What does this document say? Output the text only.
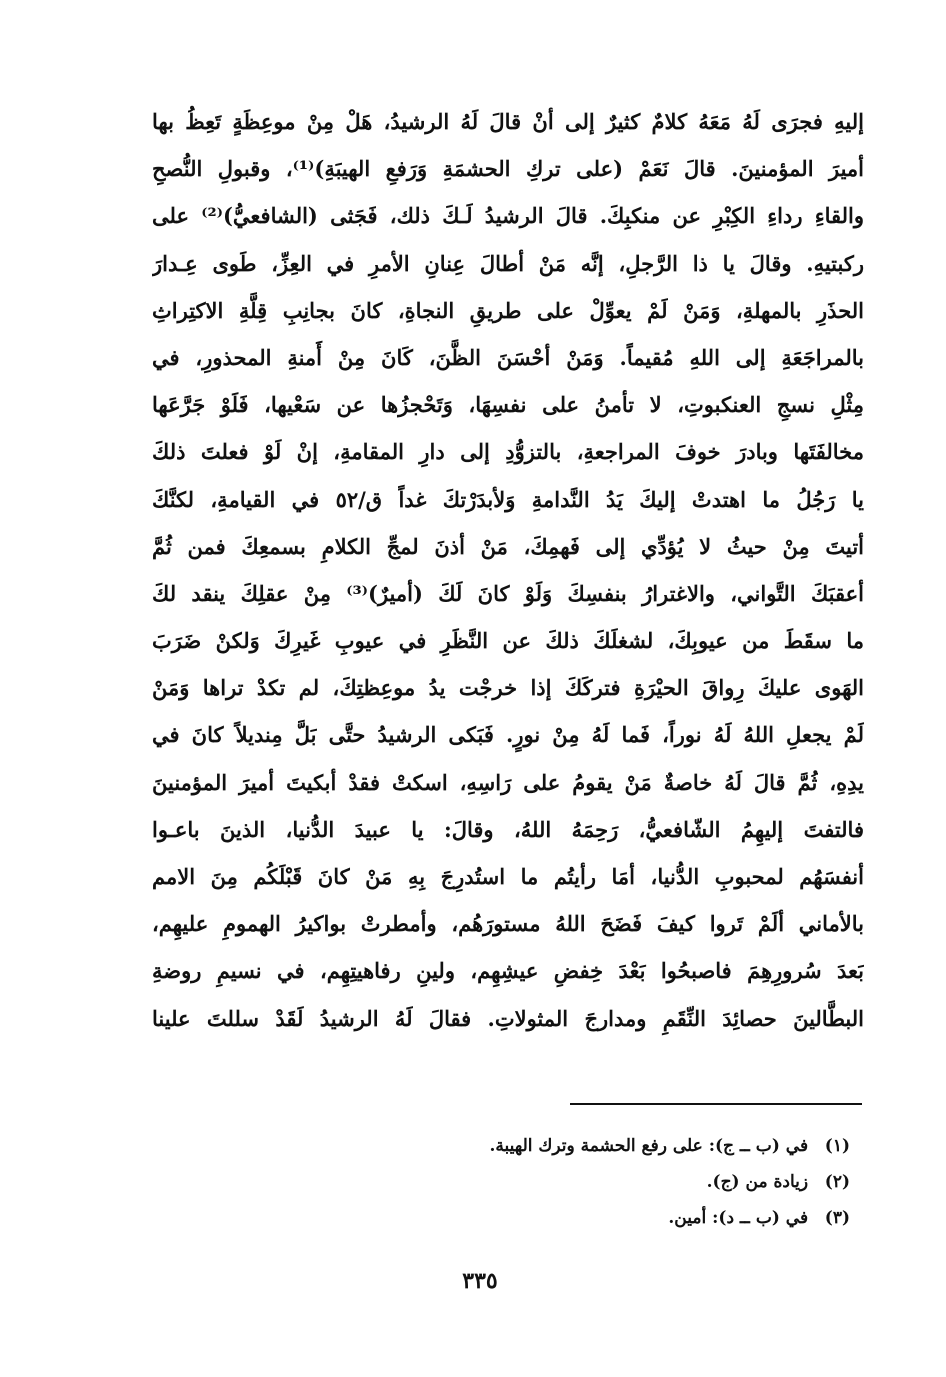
إليهِ فجرَى لَهُ مَعَهُ كلامٌ كثيرٌ إلى أنْ قالَ لَهُ الرشيدُ، هَلْ مِنْ موعِظَةٍ تَعِظُ بها
أميرَ المؤمنينَ. قالَ نَعَمْ (على تركِ الحشمَةِ وَرَفعِ الهيبَةِ)⁽¹⁾، وقبولِ النُّصحِ
والقاءِ رداءِ الكِبْرِ عن منكبِكَ. قالَ الرشيدُ لَـكَ ذلك، فَجَثى (الشافعيُّ)⁽²⁾ على
ركبتيهِ. وقالَ يا ذا الرَّجلِ، إنَّه مَنْ أطالَ عِنانِ الأمرِ في العِزِّ، طَوى عِـدارَ
الحذَرِ بالمهلةِ، وَمَنْ لَمْ يعوِّلْ على طريقِ النجاةِ، كانَ بجانِبِ قِلَّةِ الاكتِراثِ
بالمراجَعَةِ إلى اللهِ مُقيماً. وَمَنْ أحْسَنَ الظَّنَ، كَانَ مِنْ أَمنةِ المحذورِ، في
مِثْلِ نسجِ العنكبوتِ، لا تأمنُ على نفسِهَا، وَتَحْجزُها عن سَعْيها، فَلَوْ جَرَّعَها
مخالفَتَها وبادرَ خوفَ المراجعةِ، بالتزوُّدِ إلى دارِ المقامةِ، إنْ لَوْ فعلتَ ذلكَ
يا رَجُلُ ما اهتدتْ إليكَ يَدُ النَّدامةِ وَلأبدَرْتكَ غداً ق/٥٢ في القيامةِ، لكنَّكَ
أتيتَ مِنْ حيثُ لا يُؤدِّي إلى فَهمِكَ، مَنْ أذنَ لمجِّ الكلامِ بسمعِكَ فمن ثُمَّ
أعقبَكَ التَّواني، والاغترارُ بنفسِكَ وَلَوْ كانَ لَكَ (أميرٌ)⁽³⁾ مِنْ عقلِكَ ينقد لكَ
ما سقَطَ من عيوبِكَ، لشغلَكَ ذلكَ عن النَّظَرِ في عيوبِ غَيرِكَ وَلكنْ ضَرَبَ
الهَوى عليكَ رِواقَ الحيْرَةِ فتركَكَ إذا خرجْت يدُ موعِظتِكَ، لم تكدْ تراها وَمَنْ
لَمْ يجعلِ اللهُ لَهُ نوراً، فَما لَهُ مِنْ نورٍ. فَبَكى الرشيدُ حتَّى بَلَّ مِنديلاً كانَ في
يدِهِ، ثُمَّ قالَ لَهُ خاصةٌ مَنْ يقومُ على رَاسِهِ، اسكتْ فقدْ أبكيتَ أميرَ المؤمنينَ
فالتفتَ إليهِمُ الشّافعيُّ، رَحِمَهُ اللهُ، وقالَ: يا عبيدَ الدُّنيا، الذينَ باعـوا
أنفسَهُم لمحبوبِ الدُّنيا، أمَا رأيتُم ما استُدرِجَ بِهِ مَنْ كانَ قَبْلَكُم مِنَ الامم
بالأماني ألَمْ تَروا كيفَ فَضَحَ اللهُ مستورَهُم، وأمطرتْ بواكيرُ الهمومِ عليهِم،
بَعدَ سُرورِهِمَ فاصبحُوا بَعْدَ خِفضِ عيشِهِم، ولينِ رفاهيتِهِم، في نسيمِ روضةِ
البطَّالينَ حصائِدَ النِّقَمِ ومدارجَ المثولاتِ. فقالَ لَهُ الرشيدُ لَقَدْ سللتَ علينا
(١) في (ب ــ ج): على رفع الحشمة وترك الهيبة.
(٢) زيادة من (ج).
(٣) في (ب ــ د): أمين.
٣٣٥
